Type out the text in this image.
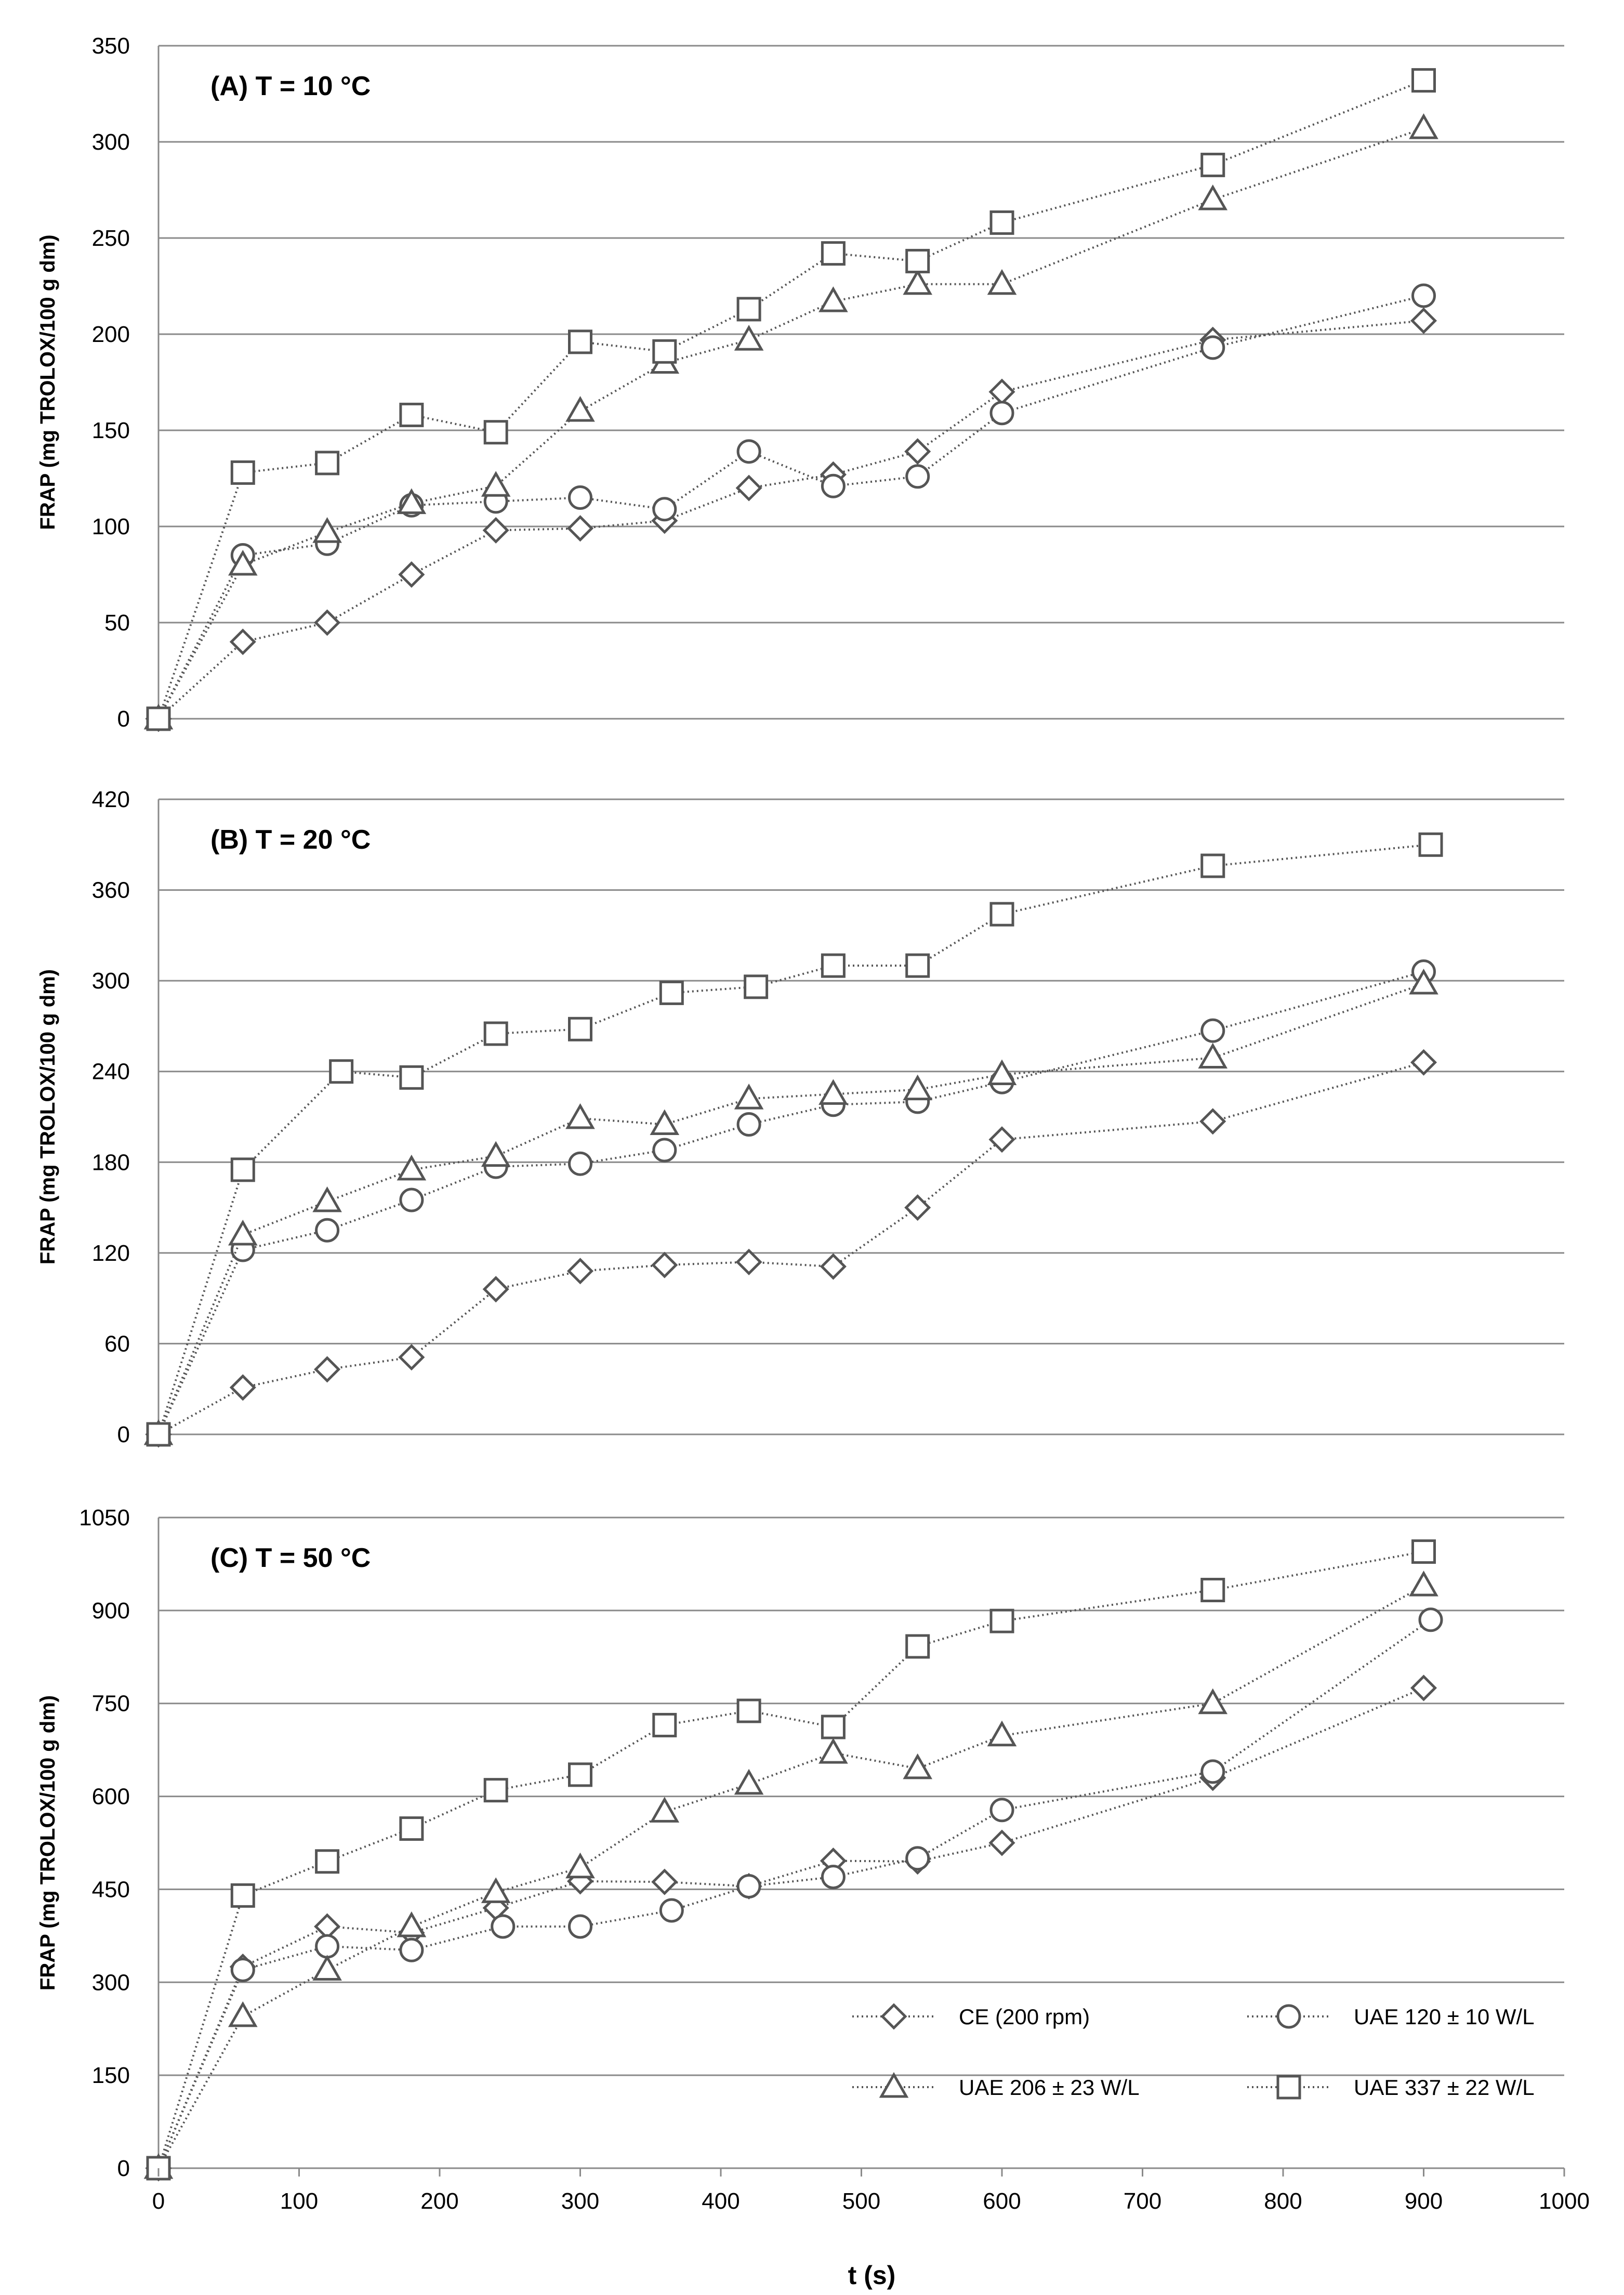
0
50
100
150
200
250
300
350
(A) T = 10 °C
FRAP (mg TROLOX/100 g dm)
0
60
120
180
240
300
360
420
(B) T = 20 °C
FRAP (mg TROLOX/100 g dm)
0
150
300
450
600
750
900
1050
(C) T = 50 °C
FRAP (mg TROLOX/100 g dm)
0	100	200	300	400	500	600	700	800	900	1000
t (s)
CE (200 rpm)	UAE 120 ± 10 W/L
UAE 206 ± 23 W/L	UAE 337 ± 22 W/L
